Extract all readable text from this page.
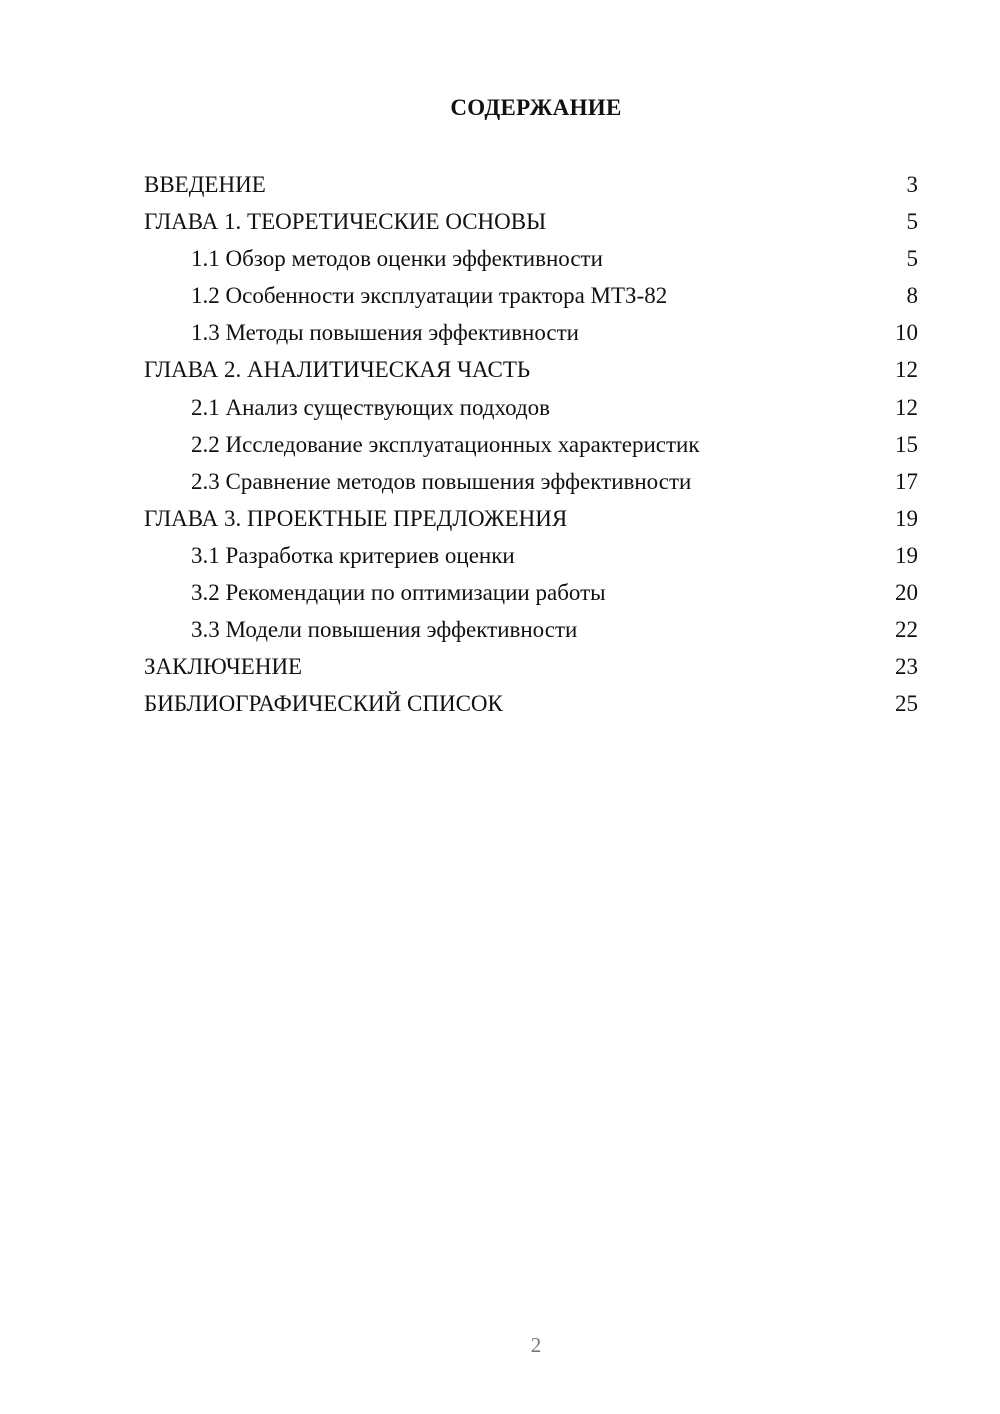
СОДЕРЖАНИЕ
ВВЕДЕНИЕ	3
ГЛАВА 1. ТЕОРЕТИЧЕСКИЕ ОСНОВЫ	5
1.1 Обзор методов оценки эффективности	5
1.2 Особенности эксплуатации трактора МТЗ-82	8
1.3 Методы повышения эффективности	10
ГЛАВА 2. АНАЛИТИЧЕСКАЯ ЧАСТЬ	12
2.1 Анализ существующих подходов	12
2.2 Исследование эксплуатационных характеристик	15
2.3 Сравнение методов повышения эффективности	17
ГЛАВА 3. ПРОЕКТНЫЕ ПРЕДЛОЖЕНИЯ	19
3.1 Разработка критериев оценки	19
3.2 Рекомендации по оптимизации работы	20
3.3 Модели повышения эффективности	22
ЗАКЛЮЧЕНИЕ	23
БИБЛИОГРАФИЧЕСКИЙ СПИСОК	25
2
